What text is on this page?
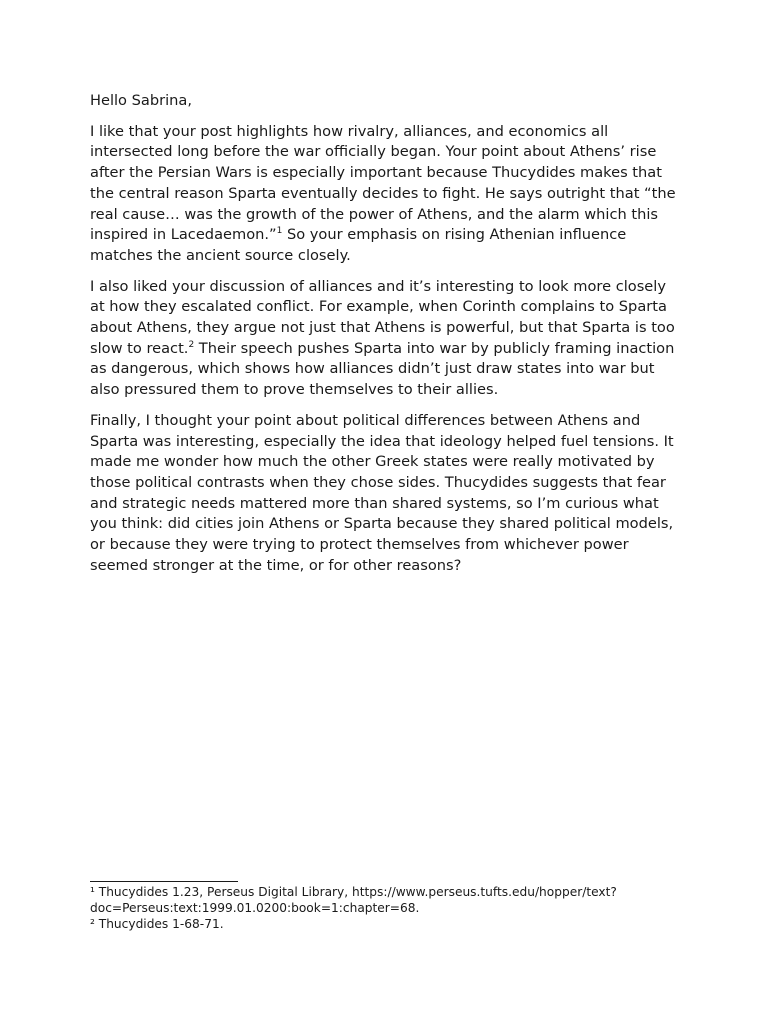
Hello Sabrina,

I like that your post highlights how rivalry, alliances, and economics all intersected long before the war officially began. Your point about Athens’ rise after the Persian Wars is especially important because Thucydides makes that the central reason Sparta eventually decides to fight. He says outright that “the real cause… was the growth of the power of Athens, and the alarm which this inspired in Lacedaemon.”$^1$ So your emphasis on rising Athenian influence matches the ancient source closely.

I also liked your discussion of alliances and it’s interesting to look more closely at how they escalated conflict. For example, when Corinth complains to Sparta about Athens, they argue not just that Athens is powerful, but that Sparta is too slow to react.$^2$ Their speech pushes Sparta into war by publicly framing inaction as dangerous, which shows how alliances didn’t just draw states into war but also pressured them to prove themselves to their allies.

Finally, I thought your point about political differences between Athens and Sparta was interesting, especially the idea that ideology helped fuel tensions. It made me wonder how much the other Greek states were really motivated by those political contrasts when they chose sides. Thucydides suggests that fear and strategic needs mattered more than shared systems, so I’m curious what you think: did cities join Athens or Sparta because they shared political models, or because they were trying to protect themselves from whichever power seemed stronger at the time, or for other reasons?

¹ Thucydides 1.23, Perseus Digital Library, https://www.perseus.tufts.edu/hopper/text?doc=Perseus:text:1999.01.0200:book=1:chapter=68.

² Thucydides 1-68-71.
